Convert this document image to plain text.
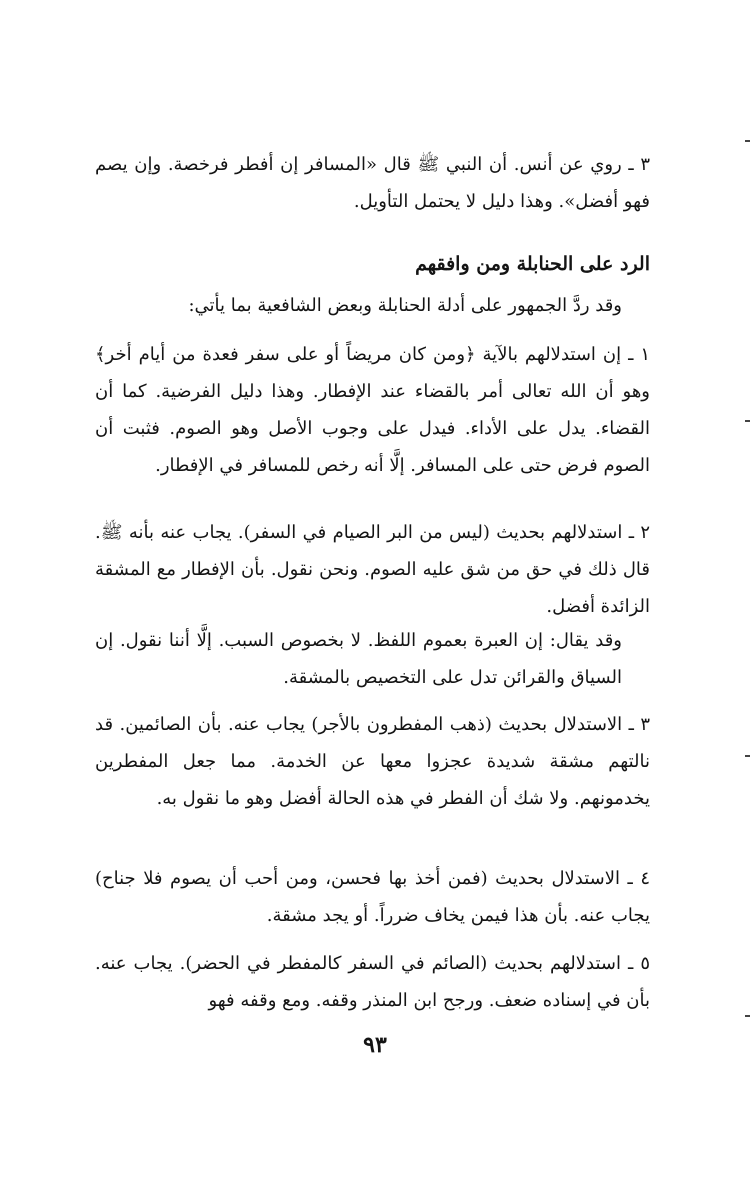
٣ ـ روي عن أنس. أن النبي ﷺ قال «المسافر إن أفطر فرخصة. وإن يصم فهو أفضل». وهذا دليل لا يحتمل التأويل.

الرد على الحنابلة ومن وافقهم

وقد ردَّ الجمهور على أدلة الحنابلة وبعض الشافعية بما يأتي:

١ ـ إن استدلالهم بالآية ﴿ومن كان مريضاً أو على سفر فعدة من أيام أخر﴾ وهو أن الله تعالى أمر بالقضاء عند الإفطار. وهذا دليل الفرضية. كما أن القضاء. يدل على الأداء. فيدل على وجوب الأصل وهو الصوم. فثبت أن الصوم فرض حتى على المسافر. إلَّا أنه رخص للمسافر في الإفطار.

٢ ـ استدلالهم بحديث (ليس من البر الصيام في السفر). يجاب عنه بأنه ﷺ. قال ذلك في حق من شق عليه الصوم. ونحن نقول. بأن الإفطار مع المشقة الزائدة أفضل.

وقد يقال: إن العبرة بعموم اللفظ. لا بخصوص السبب. إلَّا أننا نقول. إن السياق والقرائن تدل على التخصيص بالمشقة.

٣ ـ الاستدلال بحديث (ذهب المفطرون بالأجر) يجاب عنه. بأن الصائمين. قد نالتهم مشقة شديدة عجزوا معها عن الخدمة. مما جعل المفطرين يخدمونهم. ولا شك أن الفطر في هذه الحالة أفضل وهو ما نقول به.

٤ ـ الاستدلال بحديث (فمن أخذ بها فحسن، ومن أحب أن يصوم فلا جناح) يجاب عنه. بأن هذا فيمن يخاف ضرراً. أو يجد مشقة.

٥ ـ استدلالهم بحديث (الصائم في السفر كالمفطر في الحضر). يجاب عنه. بأن في إسناده ضعف. ورجح ابن المنذر وقفه. ومع وقفه فهو

٩٣
